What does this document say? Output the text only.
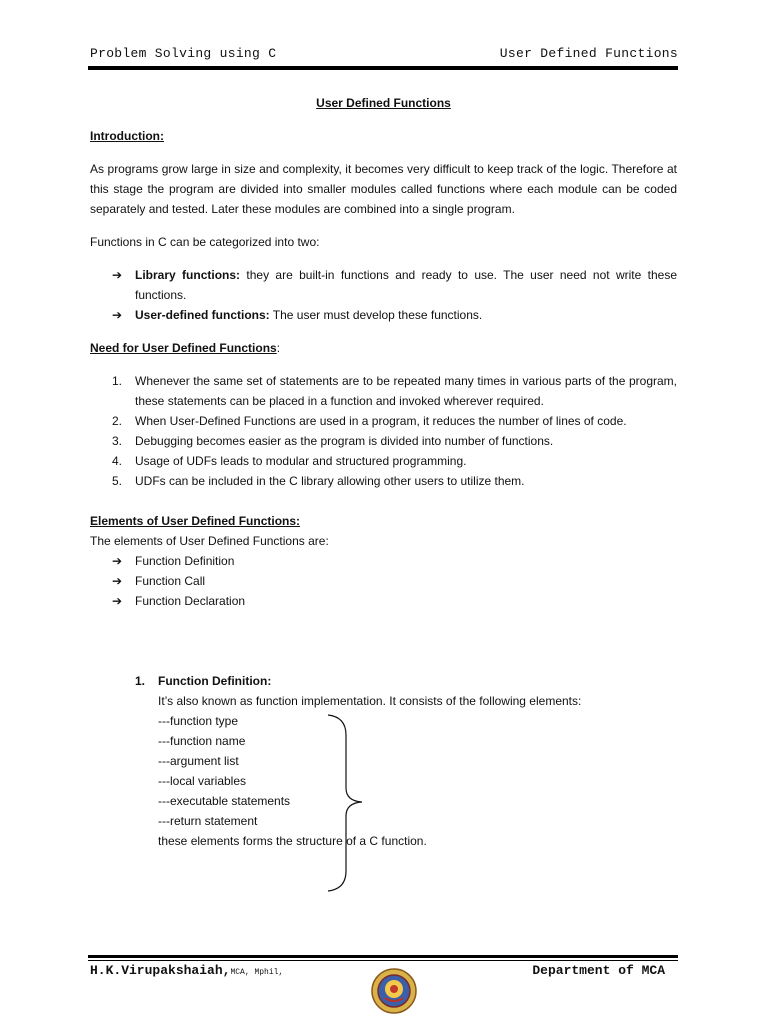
Problem Solving using C	User Defined Functions
User Defined Functions
Introduction:

As programs grow large in size and complexity, it becomes very difficult to keep track of the logic. Therefore at this stage the program are divided into smaller modules called functions where each module can be coded separately and tested. Later these modules are combined into a single program.

Functions in C can be categorized into two:

➔ Library functions: they are built-in functions and ready to use. The user need not write these functions.
➔ User-defined functions: The user must develop these functions.
Need for User Defined Functions:
1. Whenever the same set of statements are to be repeated many times in various parts of the program, these statements can be placed in a function and invoked wherever required.
2. When User-Defined Functions are used in a program, it reduces the number of lines of code.
3. Debugging becomes easier as the program is divided into number of functions.
4. Usage of UDFs leads to modular and structured programming.
5. UDFs can be included in the C library allowing other users to utilize them.
Elements of User Defined Functions:

The elements of User Defined Functions are:

➔ Function Definition
➔ Function Call
➔ Function Declaration
1. Function Definition:
It’s also known as function implementation. It consists of the following elements:
---function type
---function name
---argument list
---local variables
---executable statements
---return statement
these elements forms the structure of a C function.
H.K.Virupakshaiah,MCA, Mphil,	Department of MCA
